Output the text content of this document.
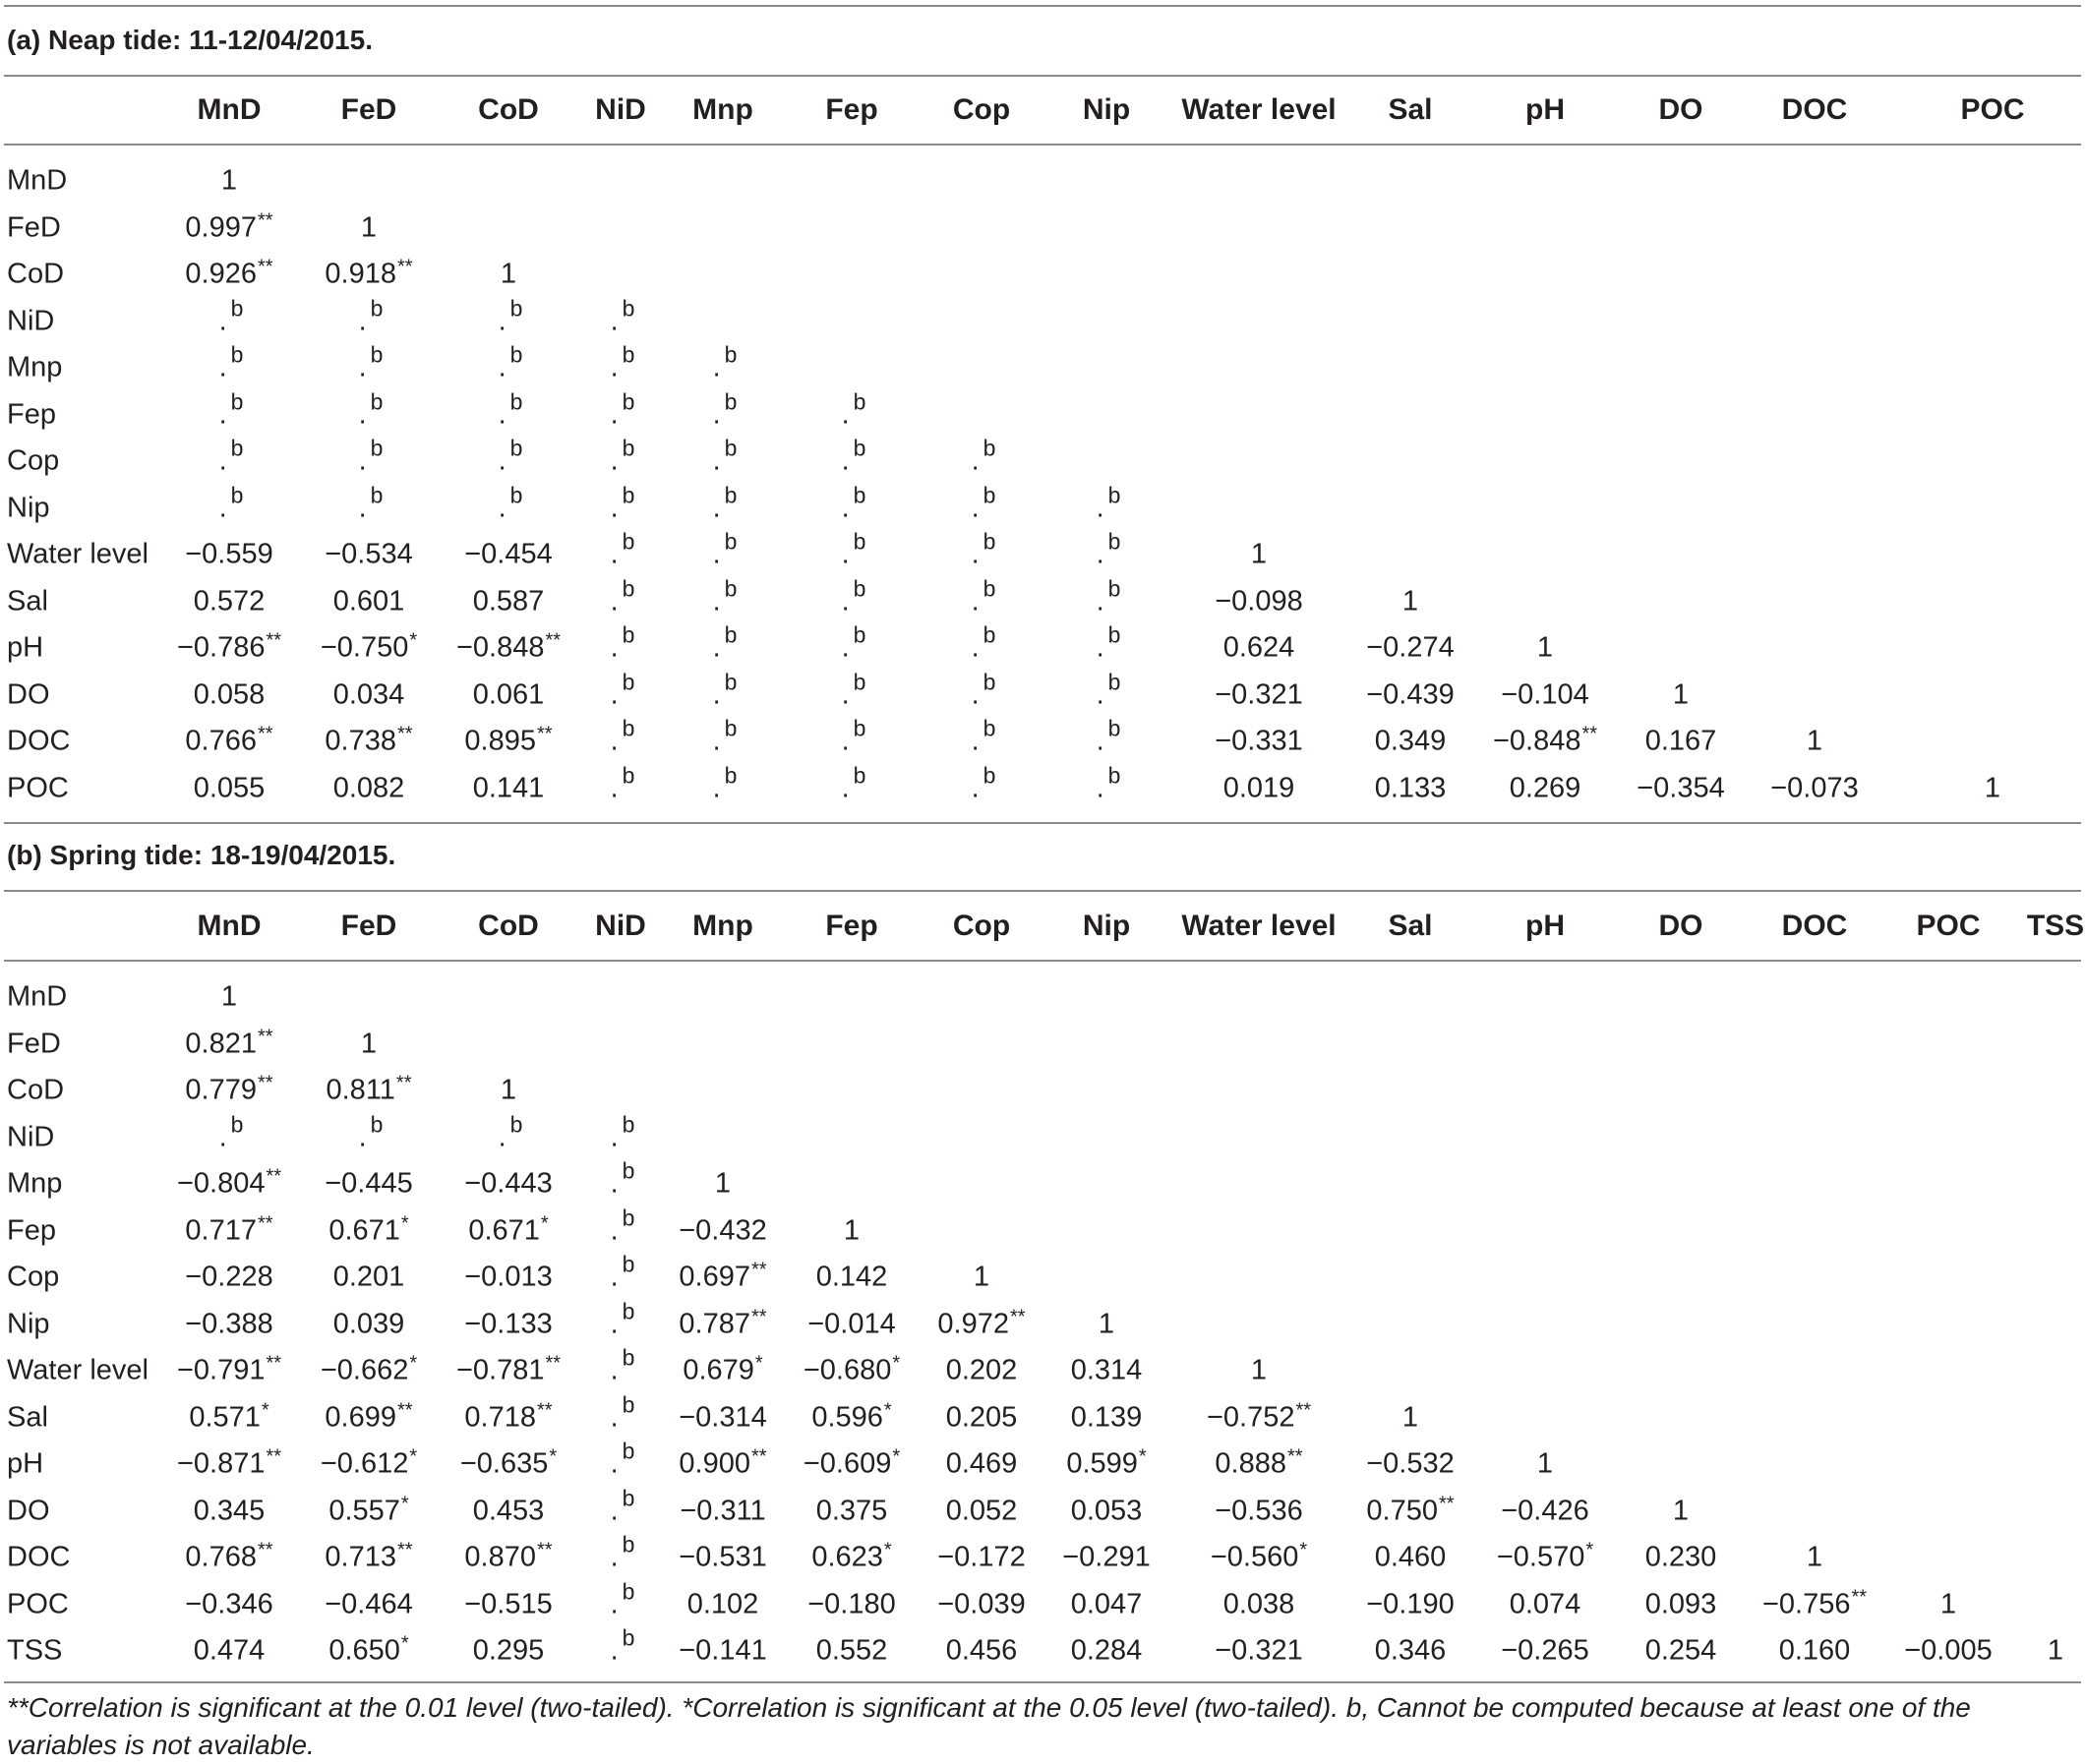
(a) Neap tide: 11-12/04/2015.
MnD	FeD	CoD NiD Mnp Fep	Cop Nip Water level Sal	pH	DO	DOC	POC
MnD	1
FeD	0.997**	1
CoD	0.926** 0.918**	1
NiD	. $^b$	. $^b$	. $^b$	. $^b$
Mnp	. $^b$	. $^b$	. $^b$	. $^b$	. $^b$
Fep	. $^b$	. $^b$	. $^b$	. $^b$	. $^b$	. $^b$
Cop	. $^b$	. $^b$	. $^b$	. $^b$	. $^b$	. $^b$	. $^b$
Nip	. $^b$	. $^b$	. $^b$	. $^b$	. $^b$	. $^b$	. $^b$	. $^b$
Water level −0.559 −0.534 −0.454 . $^b$	. $^b$	. $^b$	. $^b$	. $^b$	1
Sal	0.572 0.601 0.587 . $^b$	. $^b$	. $^b$	. $^b$	. $^b$	−0.098	1
pH	−0.786** −0.750* −0.848** . $^b$	. $^b$	. $^b$	. $^b$	. $^b$	0.624	−0.274	1
DO	0.058 0.034 0.061 . $^b$	. $^b$	. $^b$	. $^b$	. $^b$	−0.321 −0.439 −0.104	1
DOC	0.766** 0.738** 0.895** . $^b$	. $^b$	. $^b$	. $^b$	. $^b$	−0.331	0.349 −0.848** 0.167	1
POC	0.055 0.082 0.141 . $^b$	. $^b$	. $^b$	. $^b$	. $^b$	0.019	0.133 0.269 −0.354 −0.073	1
(b) Spring tide: 18-19/04/2015.
MnD	FeD	CoD NiD Mnp Fep	Cop Nip Water level Sal	pH	DO	DOC POC TSS
MnD	1
FeD	0.821**	1
CoD	0.779** 0.811**	1
NiD	. $^b$	. $^b$	. $^b$	. $^b$
Mnp	−0.804** −0.445 −0.443 . $^b$	1
Fep	0.717** 0.671* 0.671* . $^b$ −0.432	1
Cop	−0.228 0.201 −0.013 . $^b$ 0.697** 0.142	1
Nip	−0.388 0.039 −0.133 . $^b$ 0.787** −0.014 0.972**	1
Water level −0.791** −0.662* −0.781** . $^b$ 0.679* −0.680* 0.202 0.314	1
Sal	0.571* 0.699** 0.718** . $^b$ −0.314 0.596* 0.205 0.139 −0.752**	1
pH	−0.871** −0.612* −0.635* . $^b$ 0.900** −0.609* 0.469 0.599* 0.888** −0.532	1
DO	0.345 0.557* 0.453 . $^b$ −0.311 0.375 0.052 0.053	−0.536 0.750** −0.426	1
DOC	0.768** 0.713** 0.870** . $^b$ −0.531 0.623* −0.172 −0.291 −0.560* 0.460 −0.570* 0.230	1
POC	−0.346 −0.464 −0.515 . $^b$ 0.102 −0.180 −0.039 0.047	0.038	−0.190 0.074 0.093 −0.756**	1
TSS	0.474 0.650* 0.295 . $^b$ −0.141 0.552 0.456 0.284	−0.321	0.346 −0.265 0.254 0.160 −0.005 1
**Correlation is significant at the 0.01 level (two-tailed). *Correlation is significant at the 0.05 level (two-tailed). b, Cannot be computed because at least one of the variables is not available.
